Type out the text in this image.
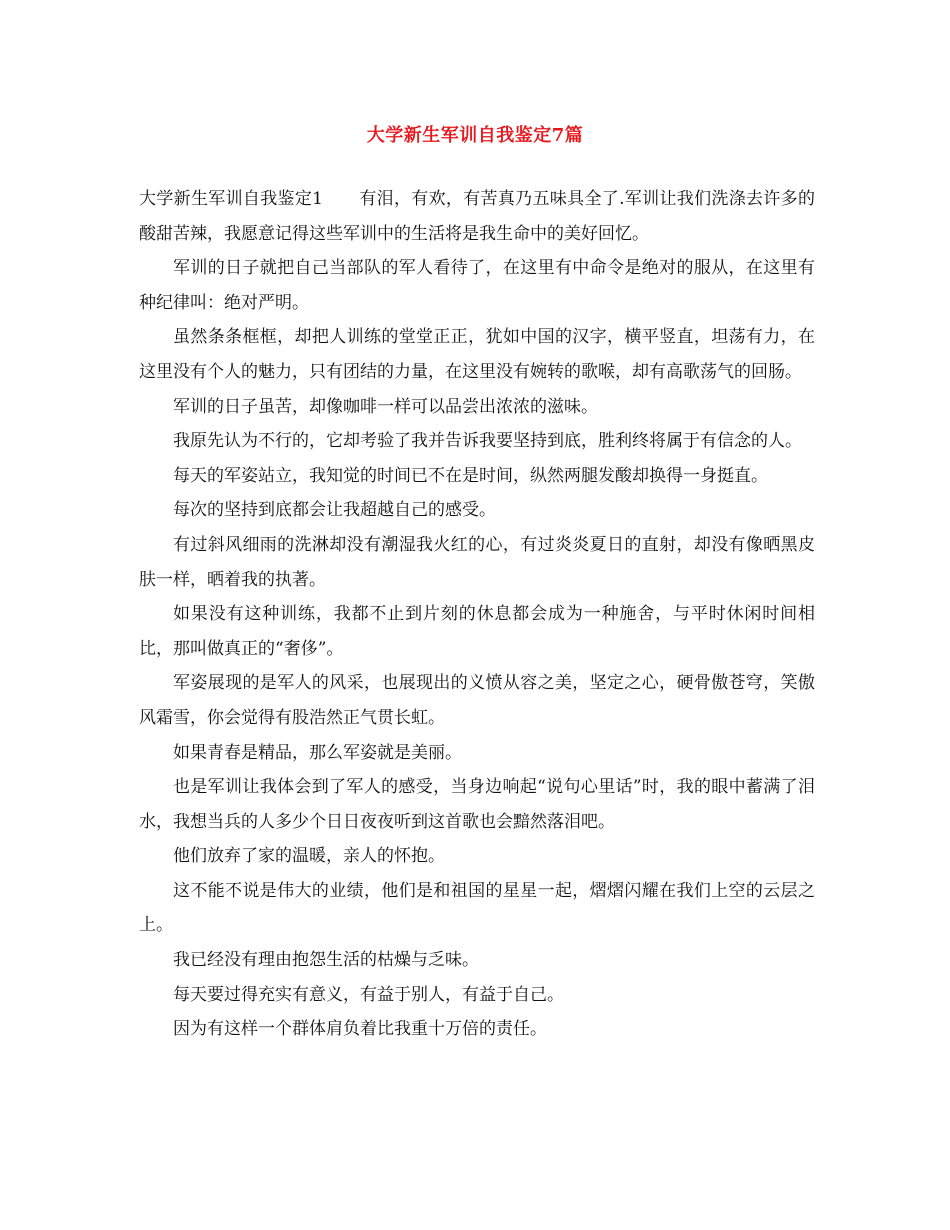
大学新生军训自我鉴定7篇

大学新生军训自我鉴定1 有泪，有欢，有苦真乃五味具全了.军训让我们洗涤去许多的酸甜苦辣，我愿意记得这些军训中的生活将是我生命中的美好回忆。

军训的日子就把自己当部队的军人看待了，在这里有中命令是绝对的服从，在这里有种纪律叫：绝对严明。

虽然条条框框，却把人训练的堂堂正正，犹如中国的汉字，横平竖直，坦荡有力，在这里没有个人的魅力，只有团结的力量，在这里没有婉转的歌喉，却有高歌荡气的回肠。

军训的日子虽苦，却像咖啡一样可以品尝出浓浓的滋味。

我原先认为不行的，它却考验了我并告诉我要坚持到底，胜利终将属于有信念的人。

每天的军姿站立，我知觉的时间已不在是时间，纵然两腿发酸却换得一身挺直。

每次的坚持到底都会让我超越自己的感受。

有过斜风细雨的洗淋却没有潮湿我火红的心，有过炎炎夏日的直射，却没有像晒黑皮肤一样，晒着我的执著。

如果没有这种训练，我都不止到片刻的休息都会成为一种施舍，与平时休闲时间相比，那叫做真正的“奢侈”。

军姿展现的是军人的风采，也展现出的义愤从容之美，坚定之心，硬骨傲苍穹，笑傲风霜雪，你会觉得有股浩然正气贯长虹。

如果青春是精品，那么军姿就是美丽。

也是军训让我体会到了军人的感受，当身边响起“说句心里话”时，我的眼中蓄满了泪水，我想当兵的人多少个日日夜夜听到这首歌也会黯然落泪吧。

他们放弃了家的温暖，亲人的怀抱。

这不能不说是伟大的业绩，他们是和祖国的星星一起，熠熠闪耀在我们上空的云层之上。

我已经没有理由抱怨生活的枯燥与乏味。

每天要过得充实有意义，有益于别人，有益于自己。

因为有这样一个群体肩负着比我重十万倍的责任。
